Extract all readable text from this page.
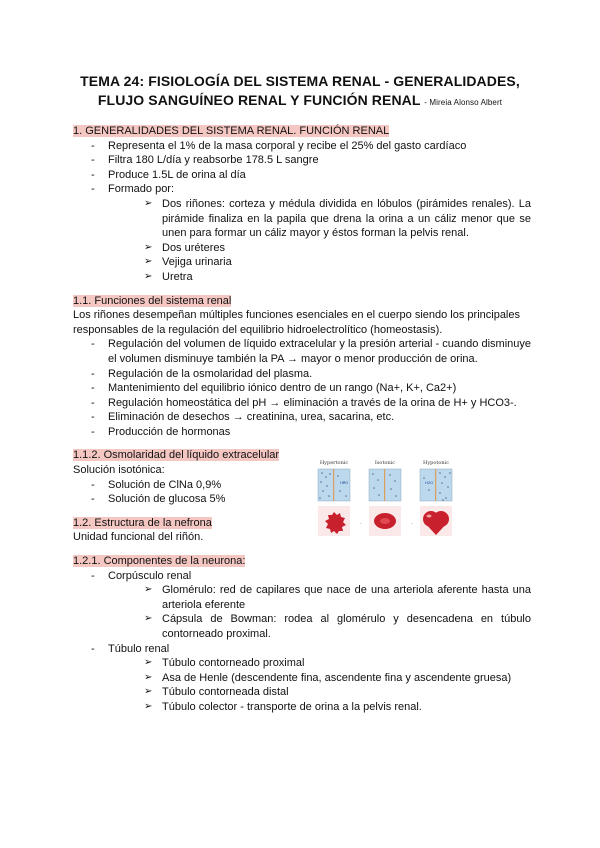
TEMA 24: FISIOLOGÍA DEL SISTEMA RENAL - GENERALIDADES,
FLUJO SANGUÍNEO RENAL Y FUNCIÓN RENAL - Mireia Alonso Albert

1. GENERALIDADES DEL SISTEMA RENAL. FUNCIÓN RENAL

- Representa el 1% de la masa corporal y recibe el 25% del gasto cardíaco
- Filtra 180 L/día y reabsorbe 178.5 L sangre
- Produce 1.5L de orina al día
- Formado por:
➢ Dos riñones: corteza y médula dividida en lóbulos (pirámides renales). La pirámide finaliza en la papila que drena la orina a un cáliz menor que se unen para formar un cáliz mayor y éstos forman la pelvis renal.
➢ Dos uréteres
➢ Vejiga urinaria
➢ Uretra

1.1. Funciones del sistema renal

Los riñones desempeñan múltiples funciones esenciales en el cuerpo siendo los principales responsables de la regulación del equilibrio hidroelectrolítico (homeostasis).

- Regulación del volumen de líquido extracelular y la presión arterial - cuando disminuye el volumen disminuye también la PA → mayor o menor producción de orina.
- Regulación de la osmolaridad del plasma.
- Mantenimiento del equilibrio iónico dentro de un rango (Na+, K+, Ca2+)
- Regulación homeostática del pH → eliminación a través de la orina de H+ y HCO3-.
- Eliminación de desechos → creatinina, urea, sacarina, etc.
- Producción de hormonas

1.1.2. Osmolaridad del líquido extracelular

Solución isotónica:

- Solución de ClNa 0,9%
- Solución de glucosa 5%

1.2. Estructura de la nefrona

Unidad funcional del riñón.

1.2.1. Componentes de la neurona:

- Corpúsculo renal
➢ Glomérulo: red de capilares que nace de una arteriola aferente hasta una arteriola eferente
➢ Cápsula de Bowman: rodea al glomérulo y desencadena en túbulo contorneado proximal.
- Túbulo renal
➢ Túbulo contorneado proximal
➢ Asa de Henle (descendente fina, ascendente fina y ascendente gruesa)
➢ Túbulo contorneada distal
➢ Túbulo colector - transporte de orina a la pelvis renal.
Hypertonic	Isotonic	Hypotonic
H2O	H2O
.	.
